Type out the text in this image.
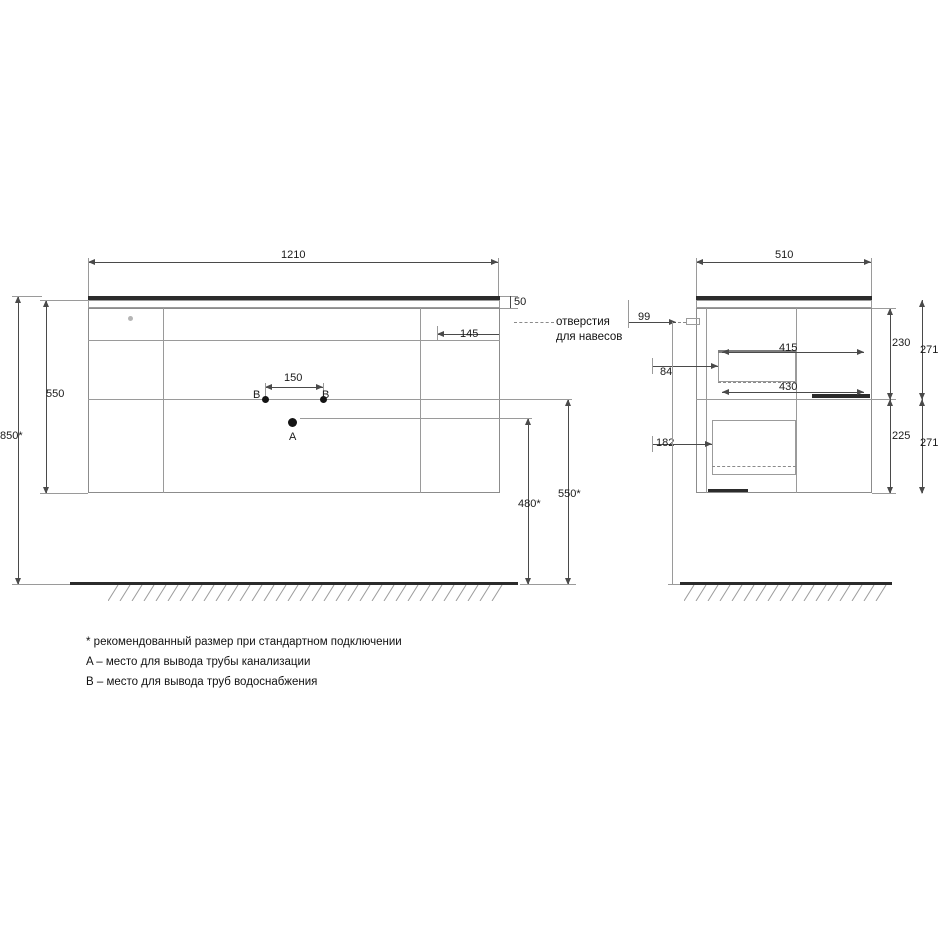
1210
50
145
150
B	B
A
550
850*
480*
550*
отверстия
для навесов
510
99
84
182
415
430
230
225
271
271
* рекомендованный размер при стандартном подключении
A – место для вывода трубы канализации
B – место для вывода труб водоснабжения
